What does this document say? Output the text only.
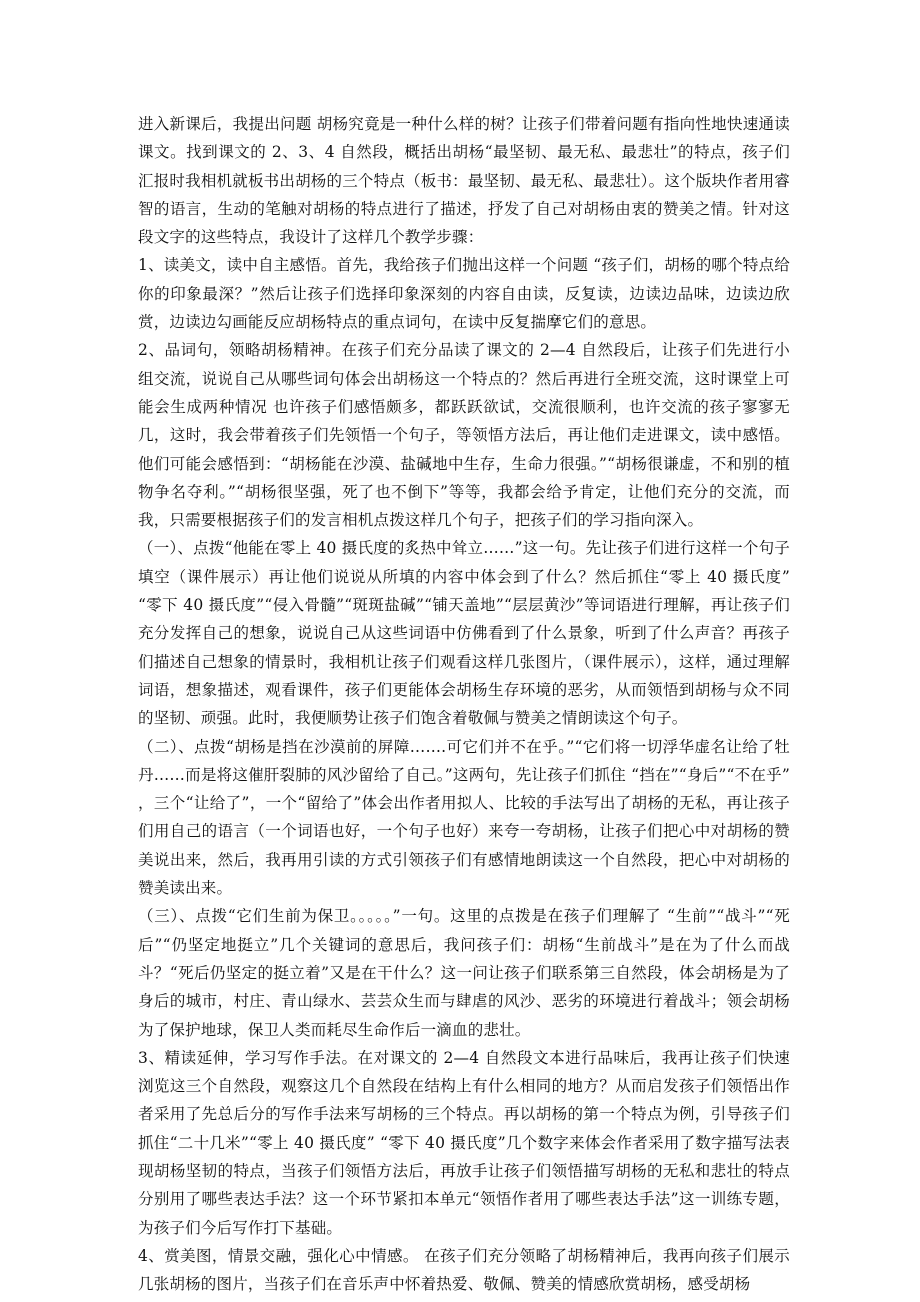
进入新课后，我提出问题 胡杨究竟是一种什么样的树？让孩子们带着问题有指向性地快速通读课文。找到课文的 2、3、4 自然段，概括出胡杨“最坚韧、最无私、最悲壮”的特点，孩子们汇报时我相机就板书出胡杨的三个特点（板书：最坚韧、最无私、最悲壮）。这个版块作者用睿智的语言，生动的笔触对胡杨的特点进行了描述，抒发了自己对胡杨由衷的赞美之情。针对这段文字的这些特点，我设计了这样几个教学步骤：

1、读美文，读中自主感悟。首先，我给孩子们抛出这样一个问题 “孩子们，胡杨的哪个特点给你的印象最深？”然后让孩子们选择印象深刻的内容自由读，反复读，边读边品味，边读边欣赏，边读边勾画能反应胡杨特点的重点词句，在读中反复揣摩它们的意思。

2、品词句，领略胡杨精神。在孩子们充分品读了课文的 2—4 自然段后，让孩子们先进行小组交流，说说自己从哪些词句体会出胡杨这一个特点的？然后再进行全班交流，这时课堂上可能会生成两种情况 也许孩子们感悟颇多，都跃跃欲试，交流很顺利，也许交流的孩子寥寥无几，这时，我会带着孩子们先领悟一个句子，等领悟方法后，再让他们走进课文，读中感悟。他们可能会感悟到：“胡杨能在沙漠、盐碱地中生存，生命力很强。”“胡杨很谦虚，不和别的植物争名夺利。”“胡杨很坚强，死了也不倒下”等等，我都会给予肯定，让他们充分的交流，而我，只需要根据孩子们的发言相机点拨这样几个句子，把孩子们的学习指向深入。

（一）、点拨“他能在零上 40 摄氏度的炙热中耸立……”这一句。先让孩子们进行这样一个句子填空（课件展示）再让他们说说从所填的内容中体会到了什么？然后抓住“零上 40 摄氏度” “零下 40 摄氏度”“侵入骨髓”“斑斑盐碱”“铺天盖地”“层层黄沙”等词语进行理解，再让孩子们充分发挥自己的想象，说说自己从这些词语中仿佛看到了什么景象，听到了什么声音？再孩子们描述自己想象的情景时，我相机让孩子们观看这样几张图片，（课件展示），这样，通过理解词语，想象描述，观看课件，孩子们更能体会胡杨生存环境的恶劣，从而领悟到胡杨与众不同的坚韧、顽强。此时，我便顺势让孩子们饱含着敬佩与赞美之情朗读这个句子。

（二）、点拨“胡杨是挡在沙漠前的屏障…….可它们并不在乎。”“它们将一切浮华虚名让给了牡丹……而是将这催肝裂肺的风沙留给了自己。”这两句，先让孩子们抓住 “挡在”“身后”“不在乎” ，三个“让给了”，一个“留给了”体会出作者用拟人、比较的手法写出了胡杨的无私，再让孩子们用自己的语言（一个词语也好，一个句子也好）来夸一夸胡杨，让孩子们把心中对胡杨的赞美说出来，然后，我再用引读的方式引领孩子们有感情地朗读这一个自然段，把心中对胡杨的赞美读出来。

（三）、点拨“它们生前为保卫。。。。。”一句。这里的点拨是在孩子们理解了 “生前”“战斗”“死后”“仍坚定地挺立”几个关键词的意思后，我问孩子们：胡杨“生前战斗”是在为了什么而战斗？“死后仍坚定的挺立着”又是在干什么？这一问让孩子们联系第三自然段，体会胡杨是为了身后的城市，村庄、青山绿水、芸芸众生而与肆虐的风沙、恶劣的环境进行着战斗；领会胡杨为了保护地球，保卫人类而耗尽生命作后一滴血的悲壮。

3、精读延伸，学习写作手法。在对课文的 2—4 自然段文本进行品味后，我再让孩子们快速浏览这三个自然段，观察这几个自然段在结构上有什么相同的地方？从而启发孩子们领悟出作者采用了先总后分的写作手法来写胡杨的三个特点。再以胡杨的第一个特点为例，引导孩子们抓住“二十几米”“零上 40 摄氏度” “零下 40 摄氏度”几个数字来体会作者采用了数字描写法表现胡杨坚韧的特点，当孩子们领悟方法后，再放手让孩子们领悟描写胡杨的无私和悲壮的特点分别用了哪些表达手法？这一个环节紧扣本单元“领悟作者用了哪些表达手法”这一训练专题，为孩子们今后写作打下基础。

4、赏美图，情景交融，强化心中情感。 在孩子们充分领略了胡杨精神后，我再向孩子们展示几张胡杨的图片，当孩子们在音乐声中怀着热爱、敬佩、赞美的情感欣赏胡杨，感受胡杨
